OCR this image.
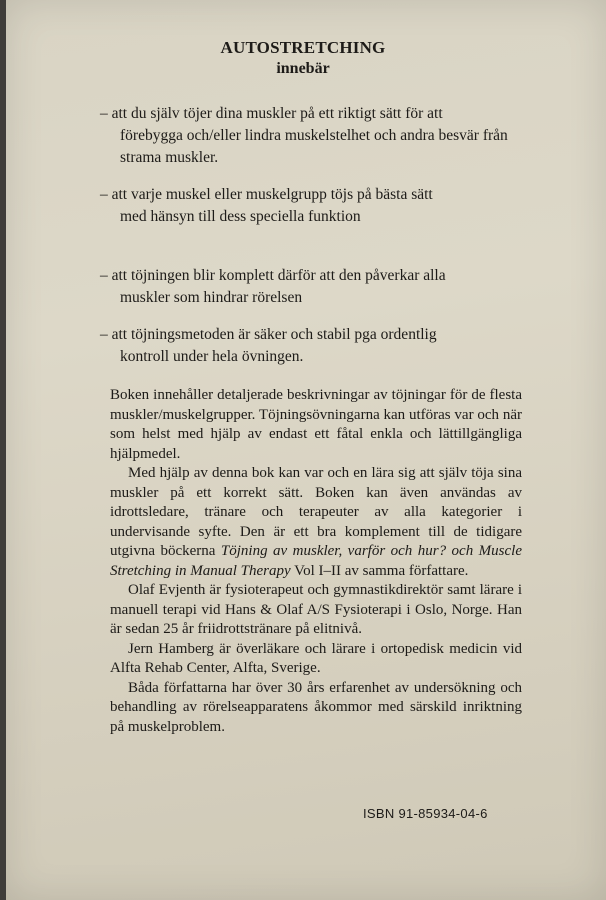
AUTOSTRETCHING
innebär
– att du själv töjer dina muskler på ett riktigt sätt för att
förebygga och/eller lindra muskelstelhet och andra besvär från strama muskler.
– att varje muskel eller muskelgrupp töjs på bästa sätt
med hänsyn till dess speciella funktion
– att töjningen blir komplett därför att den påverkar alla
muskler som hindrar rörelsen
– att töjningsmetoden är säker och stabil pga ordentlig
kontroll under hela övningen.

Boken innehåller detaljerade beskrivningar av töjningar för de flesta muskler/muskelgrupper. Töjningsövningarna kan utföras var och när som helst med hjälp av endast ett fåtal enkla och lättillgängliga hjälpmedel.

Med hjälp av denna bok kan var och en lära sig att själv töja sina muskler på ett korrekt sätt. Boken kan även användas av idrottsledare, tränare och terapeuter av alla kategorier i undervisande syfte. Den är ett bra komplement till de tidigare utgivna böckerna Töjning av muskler, varför och hur? och Muscle Stretching in Manual Therapy Vol I–II av samma författare.

Olaf Evjenth är fysioterapeut och gymnastikdirektör samt lärare i manuell terapi vid Hans & Olaf A/S Fysioterapi i Oslo, Norge. Han är sedan 25 år friidrottstränare på elitnivå.

Jern Hamberg är överläkare och lärare i ortopedisk medicin vid Alfta Rehab Center, Alfta, Sverige.

Båda författarna har över 30 års erfarenhet av undersökning och behandling av rörelseapparatens åkommor med särskild inriktning på muskelproblem.

ISBN 91-85934-04-6
